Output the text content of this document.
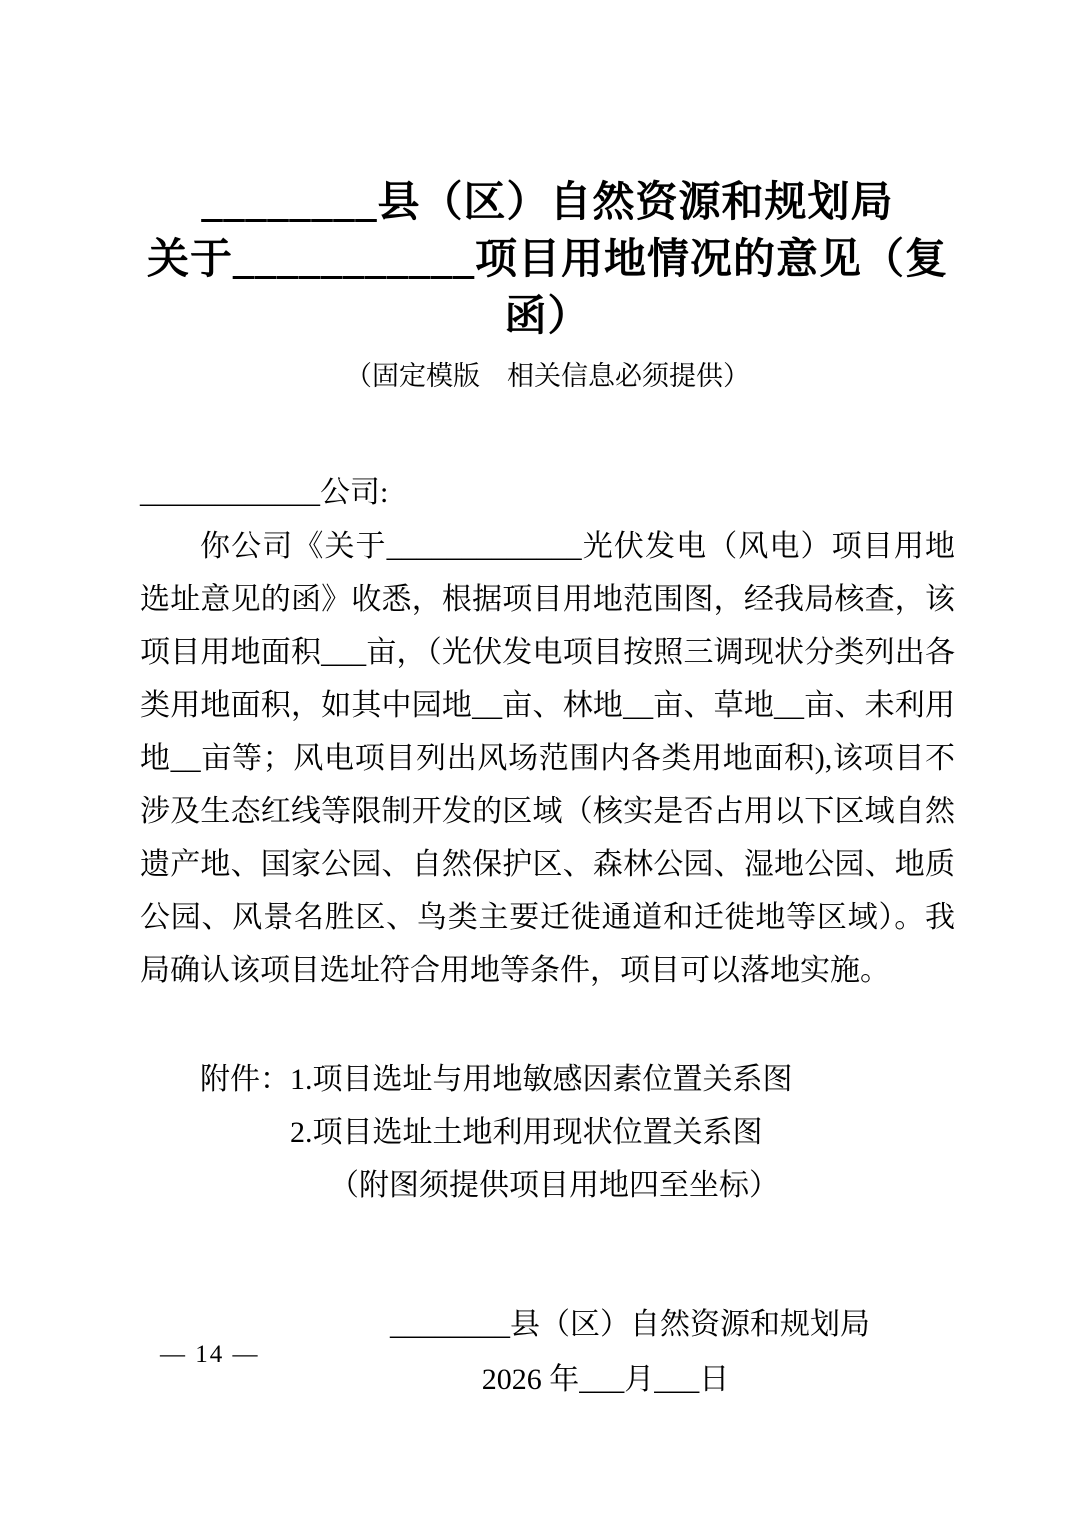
________县（区）自然资源和规划局
关于___________项目用地情况的意见（复函）
（固定模版　相关信息必须提供）
____________公司:
你公司《关于_____________光伏发电（风电）项目用地选址意见的函》收悉，根据项目用地范围图，经我局核查，该项目用地面积___亩，（光伏发电项目按照三调现状分类列出各类用地面积，如其中园地__亩、林地__亩、草地__亩、未利用地__亩等；风电项目列出风场范围内各类用地面积),该项目不涉及生态红线等限制开发的区域（核实是否占用以下区域自然遗产地、国家公园、自然保护区、森林公园、湿地公园、地质公园、风景名胜区、鸟类主要迁徙通道和迁徙地等区域）。我局确认该项目选址符合用地等条件，项目可以落地实施。
附件：1.项目选址与用地敏感因素位置关系图
2.项目选址土地利用现状位置关系图
（附图须提供项目用地四至坐标）
________县（区）自然资源和规划局
2026 年___月___日
— 14 —
